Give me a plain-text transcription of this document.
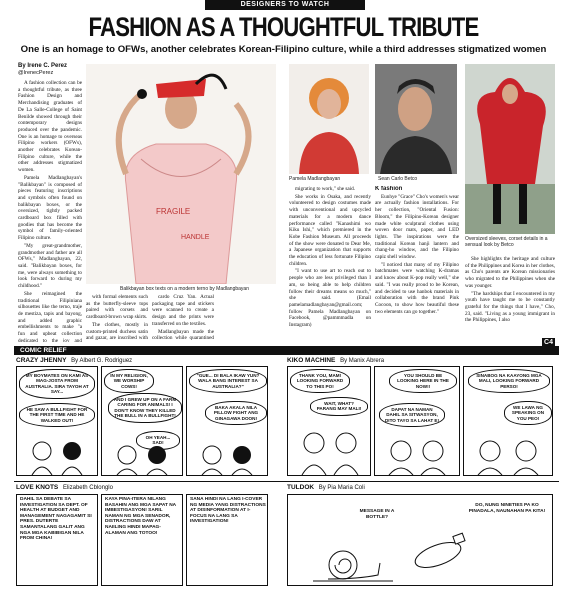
DESIGNERS TO WATCH
FASHION AS A THOUGHTFUL TRIBUTE
One is an homage to OFWs, another celebrates Korean-Filipino culture, while a third addresses stigmatized women
By Irene C. Perez
@IrenecPerez

A fashion collection can be a thoughtful tribute, as three Fashion Design and Merchandising graduates of De La Salle-College of Saint Benilde showed through their contemporary designs produced over the pandemic. One is an homage to overseas Filipino workers (OFWs), another celebrates Korean-Filipino culture, while the other addresses stigmatized women.

Pamela Madlangbayan's "Balikbayan" is composed of pieces featuring inscriptions and symbols often found on balikbayan boxes, or the oversized, tightly packed cardboard box filled with goodies that has become the symbol of family-oriented Filipino culture.

"My great-grandmother, grandmother and father are all OFWs," Madlangbayan, 22, said. "Balikbayan boxes, for me, were always something to look forward to during my childhood."

She reimagined the traditional Filipiniana silhouettes like the terno, traje de mestiza, tapis and bayong, and added graphic embellishments to make "a fun and upbeat collection dedicated to the joy and

FRAGILE
HANDLE
Balikbayan box texts on a modern terno by Madlangbayan

with formal elements such as the butterfly-sleeve tops paired with corsets and cardboard-brown wrap skirts.

The clothes, mostly in custom-printed duchess satin and gazar, are inscribed with

cardo Cruz Yan. Actual packaging tape and stickers were scanned to create a design and the prints were transferred on the textiles.

Madlangbayan made the collection while quarantined

Pamela Madlangbayan	Sean Carlo Betco

migrating to work," she said.

She works in Osaka, and recently volunteered to design costumes made with unconventional and upcycled materials for a modern dance performance called "Kanashimi wo Kiku Ishi," which premiered in the Kobe Fashion Museum. All proceeds of the show were donated to Dear Me, a Japanese organization that supports the education of less fortunate Filipino children.

"I want to use art to reach out to people who are less privileged than I am, so being able to help children follow their dreams means so much," she said. (Email pamelamadlangbayan@gmail.com; follow Pamela Madlangbayan on Facebook, @pammmadla on Instagram)

K fashion

Eunhye "Grace" Cho's women's wear are actually fashion installations. For her collection, "Oriental Fusion: Bloom," the Filipino-Korean designer made white sculptural clothes using woven door mats, paper, and LED lights. The inspirations were the traditional Korean hanji lantern and chang-ho window, and the Filipino capiz shell window.

"I noticed that many of my Filipino batchmates were watching K-dramas and know about K-pop really well," she said. "I was really proud to be Korean, and decided to use hanbok materials in collaboration with the brand Pink Cocoon, to show how beautiful these two elements can go together."

Oversized sleeves, corset details in a sensual look by Betco

She highlights the heritage and culture of the Philippines and Korea in her clothes, as Cho's parents are Korean missionaries who migrated to the Philippines when she was younger.

"The hardships that I encountered in my youth have taught me to be constantly grateful for the things that I have," Cho, 23, said. "Living as a young immigrant in the Philippines, I also

C4
COMIC RELIEF
CRAZY JHENNY By Albert G. Rodriguez
MY BOYMATES ON KAMI AS MAG-JOSTA FROM AUSTRALIA. SIRA TAYOH AT SAY...
HE SAW A BULLFIGHT FOR THE FIRST TIME AND HE WALKED OUT!
IN MY RELIGION, WE WORSHIP COWS!
AND I GREW UP ON A FARM CARING FOR ANIMALS! I DON'T KNOW THEY KILLED THE BULL IN A BULLFIGHT!
OH YEAH... SAD!
"GUE... DI BALA IKAW YUN? WALA BANG INTEREST SA AUSTRALIA?"
BAKA AKALA NILA PILLOW FIGHT ANG GINAGAWA DOON!
KIKO MACHINE By Manix Abrera
THANK YOU, MAM! LOOKING FORWARD TO THIS PO!
WAIT, WHAT? PARANG MAY MALI!
YOU SHOULD BE LOOKING HERE IN THE NOW!!
DAPAT NA NAMAN DAHIL SA SITWASYON, DITO TAYO SA LAHAT E!
SINABOG NA KAAYONG MGA MALI, LOOKING FORWARD PERSO!
WE LAWA NG SPEAKING ON YOU PEO!
LOVE KNOTS Elizabeth Cblonglo
DAHIL SA DEBATE SA INVESTIGATION SA DEPT. OF HEALTH AT BUDGET AND MANAGEMENT NAGAGAMIT SI PRES. DUTERTE SAMANTALANG GALIT ANG NGA MGA KABIBIGAN NILA FROM CHINA!
KAYA PINA-ITERA NILANG BASAHIN ANG MGA SAPAT NA IMBESTIGASYON! SARIL NAMAN NG MGA SENADOR, DISTRACTIONS DAW AT NAIILING HINDI MAPAG-ALAMAN ANG TOTOO!
SANA HINDI NA LANG I-COVER NG MEDIA YANG DISTRACTIONS AT DISINFORMATION AT I-FOCUS NA LANG SA INVESTIGATION!
TULDOK By Pia Maria Coli
MESSAGE IN A BOTTLE?
DO, NUNG NINETIES PA KO PINADALA, NAUNAHAN PA KITA!
